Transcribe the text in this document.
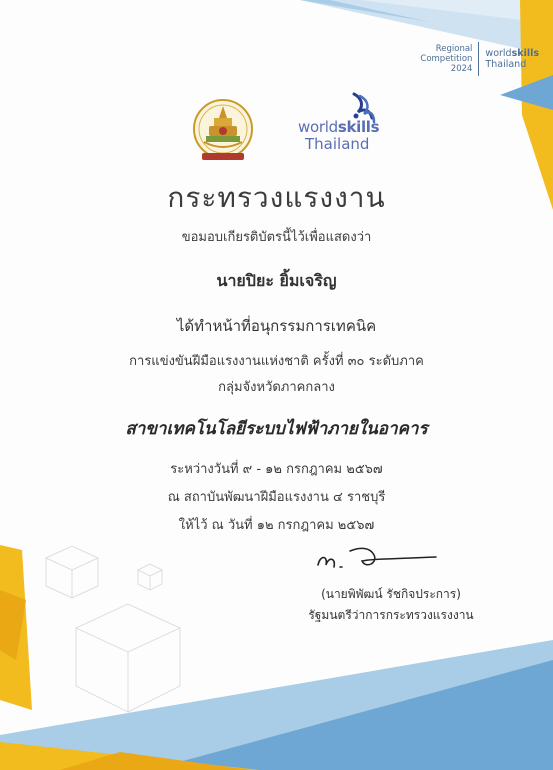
Regional
Competition
2024
worldskills
Thailand
worldskills
Thailand
กระทรวงแรงงาน
ขอมอบเกียรติบัตรนี้ไว้เพื่อแสดงว่า
นายปิยะ ยิ้มเจริญ
ได้ทำหน้าที่อนุกรรมการเทคนิค
การแข่งขันฝีมือแรงงานแห่งชาติ ครั้งที่ ๓๐ ระดับภาค
กลุ่มจังหวัดภาคกลาง
สาขาเทคโนโลยีระบบไฟฟ้าภายในอาคาร
ระหว่างวันที่ ๙ - ๑๒ กรกฎาคม ๒๕๖๗
ณ สถาบันพัฒนาฝีมือแรงงาน ๔ ราชบุรี
ให้ไว้ ณ วันที่ ๑๒ กรกฎาคม ๒๕๖๗
(นายพิพัฒน์ รัชกิจประการ)
รัฐมนตรีว่าการกระทรวงแรงงาน
